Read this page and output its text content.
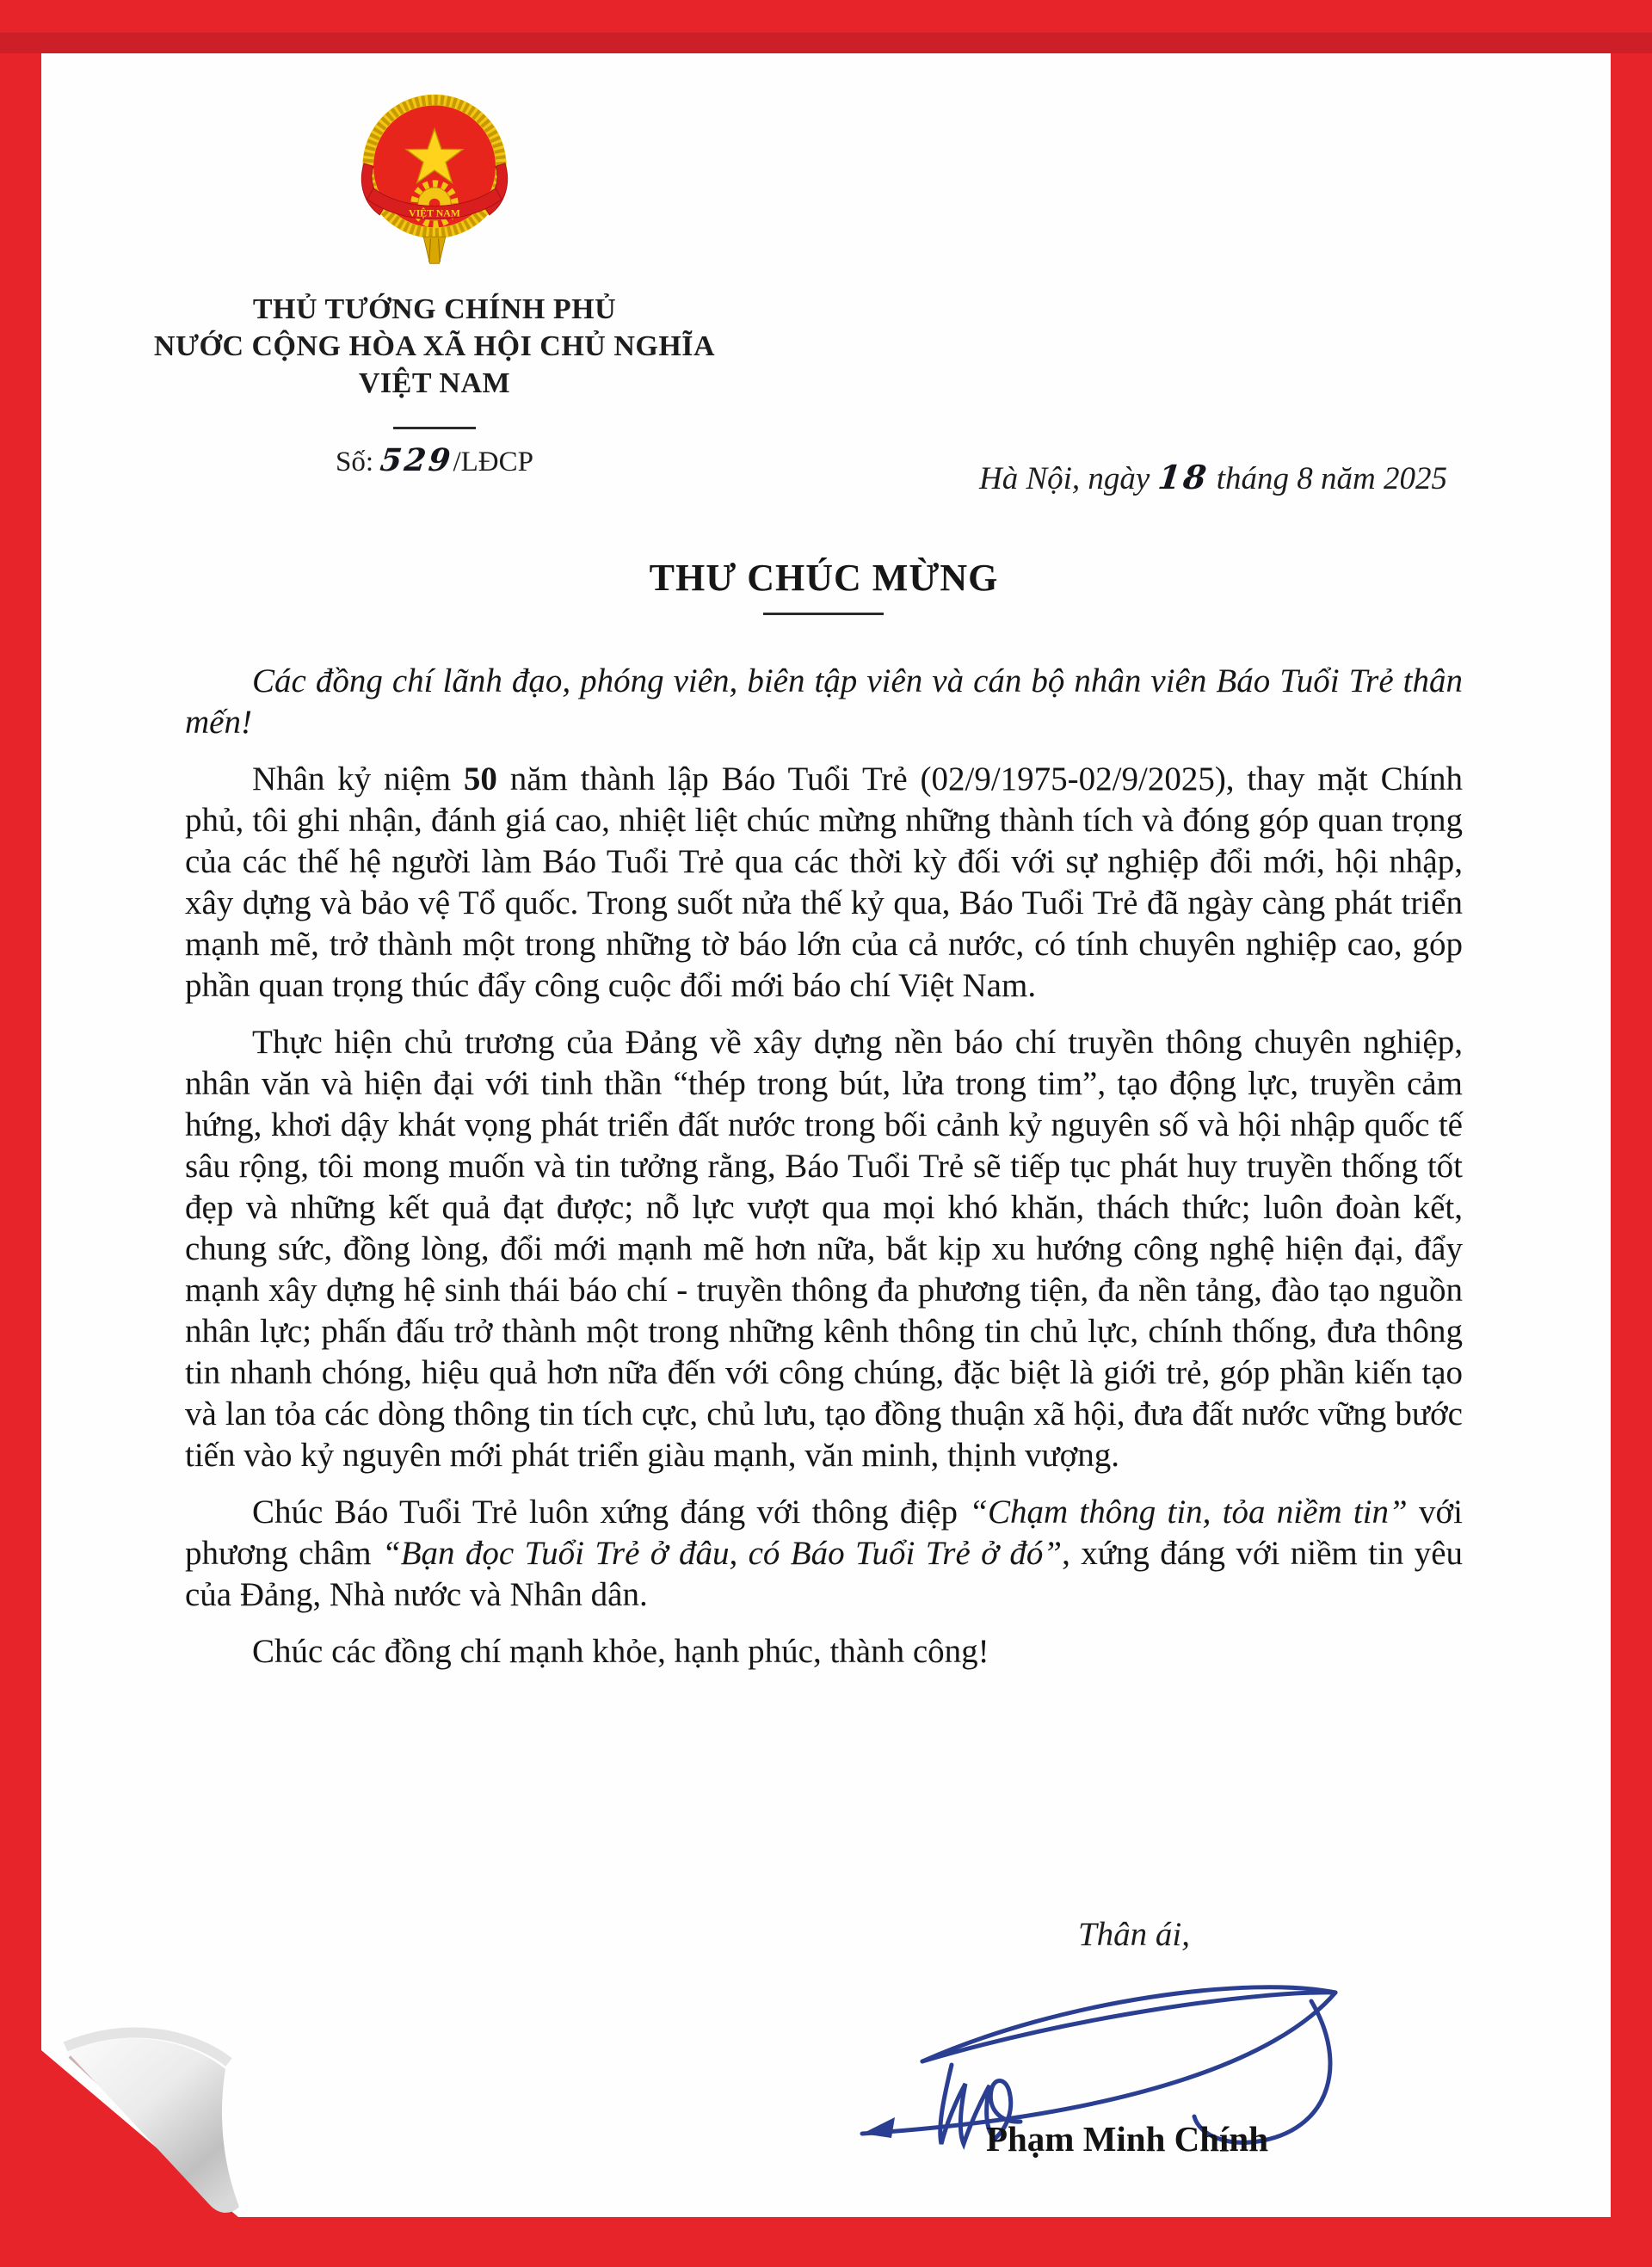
VIỆT NAM
THỦ TƯỚNG CHÍNH PHỦ
NƯỚC CỘNG HÒA XÃ HỘI CHỦ NGHĨA
VIỆT NAM
Số: 529/LĐCP	Hà Nội, ngày 18 tháng 8 năm 2025
THƯ CHÚC MỪNG

Các đồng chí lãnh đạo, phóng viên, biên tập viên và cán bộ nhân viên Báo Tuổi Trẻ thân mến!

Nhân kỷ niệm 50 năm thành lập Báo Tuổi Trẻ (02/9/1975-02/9/2025), thay mặt Chính phủ, tôi ghi nhận, đánh giá cao, nhiệt liệt chúc mừng những thành tích và đóng góp quan trọng của các thế hệ người làm Báo Tuổi Trẻ qua các thời kỳ đối với sự nghiệp đổi mới, hội nhập, xây dựng và bảo vệ Tổ quốc. Trong suốt nửa thế kỷ qua, Báo Tuổi Trẻ đã ngày càng phát triển mạnh mẽ, trở thành một trong những tờ báo lớn của cả nước, có tính chuyên nghiệp cao, góp phần quan trọng thúc đẩy công cuộc đổi mới báo chí Việt Nam.

Thực hiện chủ trương của Đảng về xây dựng nền báo chí truyền thông chuyên nghiệp, nhân văn và hiện đại với tinh thần “thép trong bút, lửa trong tim”, tạo động lực, truyền cảm hứng, khơi dậy khát vọng phát triển đất nước trong bối cảnh kỷ nguyên số và hội nhập quốc tế sâu rộng, tôi mong muốn và tin tưởng rằng, Báo Tuổi Trẻ sẽ tiếp tục phát huy truyền thống tốt đẹp và những kết quả đạt được; nỗ lực vượt qua mọi khó khăn, thách thức; luôn đoàn kết, chung sức, đồng lòng, đổi mới mạnh mẽ hơn nữa, bắt kịp xu hướng công nghệ hiện đại, đẩy mạnh xây dựng hệ sinh thái báo chí - truyền thông đa phương tiện, đa nền tảng, đào tạo nguồn nhân lực; phấn đấu trở thành một trong những kênh thông tin chủ lực, chính thống, đưa thông tin nhanh chóng, hiệu quả hơn nữa đến với công chúng, đặc biệt là giới trẻ, góp phần kiến tạo và lan tỏa các dòng thông tin tích cực, chủ lưu, tạo đồng thuận xã hội, đưa đất nước vững bước tiến vào kỷ nguyên mới phát triển giàu mạnh, văn minh, thịnh vượng.

Chúc Báo Tuổi Trẻ luôn xứng đáng với thông điệp “Chạm thông tin, tỏa niềm tin” với phương châm “Bạn đọc Tuổi Trẻ ở đâu, có Báo Tuổi Trẻ ở đó”, xứng đáng với niềm tin yêu của Đảng, Nhà nước và Nhân dân.

Chúc các đồng chí mạnh khỏe, hạnh phúc, thành công!

Thân ái,
Phạm Minh Chính
